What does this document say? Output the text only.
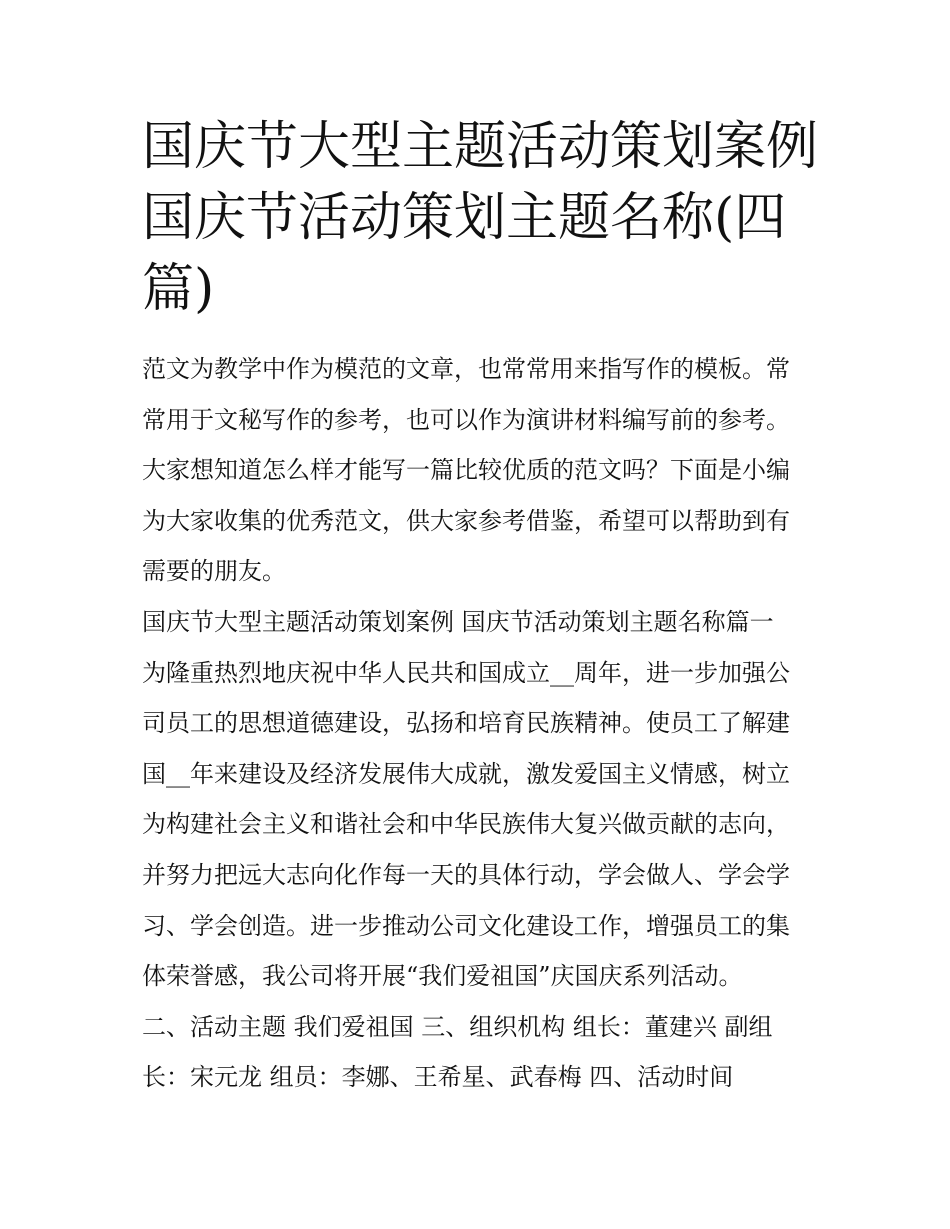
国庆节大型主题活动策划案例
国庆节活动策划主题名称(四
篇)

范文为教学中作为模范的文章，也常常用来指写作的模板。常
常用于文秘写作的参考，也可以作为演讲材料编写前的参考。
大家想知道怎么样才能写一篇比较优质的范文吗？下面是小编
为大家收集的优秀范文，供大家参考借鉴，希望可以帮助到有
需要的朋友。

国庆节大型主题活动策划案例 国庆节活动策划主题名称篇一
为隆重热烈地庆祝中华人民共和国成立__周年，进一步加强公
司员工的思想道德建设，弘扬和培育民族精神。使员工了解建
国__年来建设及经济发展伟大成就，激发爱国主义情感，树立
为构建社会主义和谐社会和中华民族伟大复兴做贡献的志向，
并努力把远大志向化作每一天的具体行动，学会做人、学会学
习、学会创造。进一步推动公司文化建设工作，增强员工的集
体荣誉感，我公司将开展“我们爱祖国”庆国庆系列活动。

二、活动主题 我们爱祖国 三、组织机构 组长：董建兴 副组
长：宋元龙 组员：李娜、王希星、武春梅 四、活动时间
